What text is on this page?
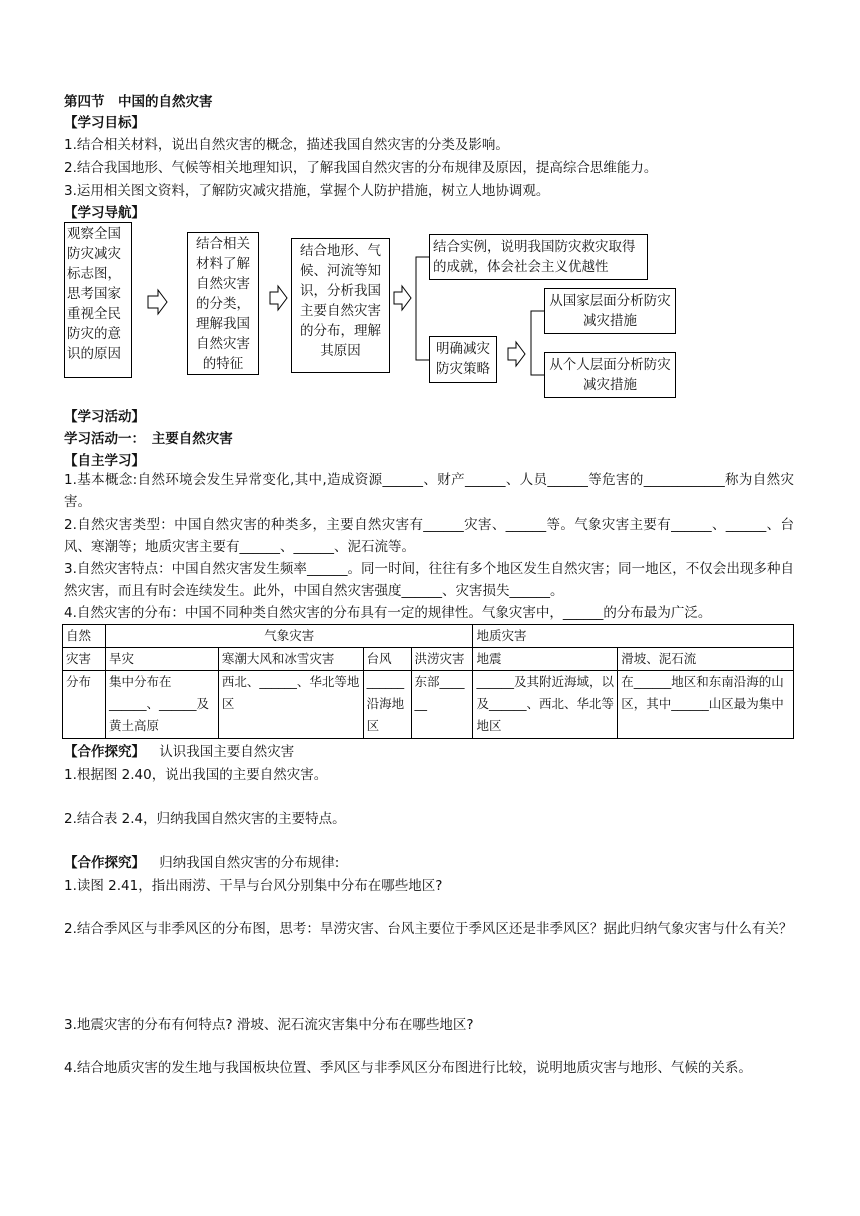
第四节　中国的自然灾害
【学习目标】
1.结合相关材料，说出自然灾害的概念，描述我国自然灾害的分类及影响。
2.结合我国地形、气候等相关地理知识，了解我国自然灾害的分布规律及原因，提高综合思维能力。
3.运用相关图文资料，了解防灾减灾措施，掌握个人防护措施，树立人地协调观。
【学习导航】
观察全国防灾减灾标志图，思考国家重视全民防灾的意识的原因
结合相关材料了解自然灾害的分类，理解我国自然灾害的特征
结合地形、气候、河流等知识，分析我国主要自然灾害的分布，理解其原因
结合实例，说明我国防灾救灾取得的成就，体会社会主义优越性
明确减灾防灾策略
从国家层面分析防灾减灾措施
从个人层面分析防灾减灾措施
【学习活动】
学习活动一：　主要自然灾害
【自主学习】
1.基本概念:自然环境会发生异常变化,其中,造成资源______、财产______、人员______等危害的____________称为自然灾害。
2.自然灾害类型：中国自然灾害的种类多，主要自然灾害有______灾害、______等。气象灾害主要有______、______、台风、寒潮等；地质灾害主要有______、______、泥石流等。
3.自然灾害特点：中国自然灾害发生频率______。同一时间，往往有多个地区发生自然灾害；同一地区，不仅会出现多种自然灾害，而且有时会连续发生。此外，中国自然灾害强度______、灾害损失______。
4.自然灾害的分布：中国不同种类自然灾害的分布具有一定的规律性。气象灾害中，______的分布最为广泛。
自然	气象灾害				地质灾害	
灾害	旱灾	寒潮大风和冰雪灾害	台风	洪涝灾害	地震	滑坡、泥石流
分布	集中分布在______、______及黄土高原	西北、______、华北等地区	______沿海地区	东部______	______及其附近海域，以及______、西北、华北等地区	在______地区和东南沿海的山区，其中______山区最为集中
【合作探究】 认识我国主要自然灾害
1.根据图 2.40，说出我国的主要自然灾害。
2.结合表 2.4，归纳我国自然灾害的主要特点。
【合作探究】 归纳我国自然灾害的分布规律:
1.读图 2.41，指出雨涝、干旱与台风分别集中分布在哪些地区?
2.结合季风区与非季风区的分布图，思考：旱涝灾害、台风主要位于季风区还是非季风区？据此归纳气象灾害与什么有关？
3.地震灾害的分布有何特点? 滑坡、泥石流灾害集中分布在哪些地区?
4.结合地质灾害的发生地与我国板块位置、季风区与非季风区分布图进行比较，说明地质灾害与地形、气候的关系。
